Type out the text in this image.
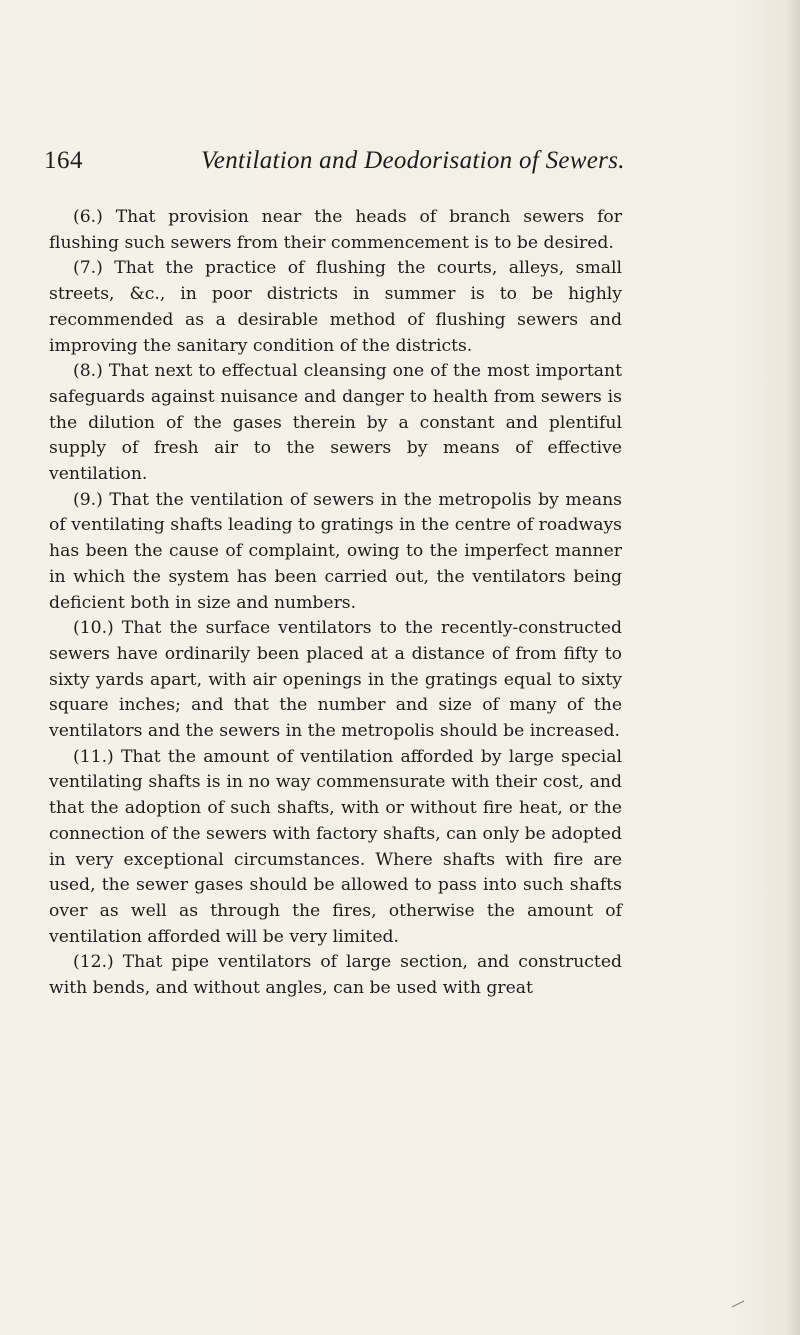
164	Ventilation and Deodorisation of Sewers.

(6.) That provision near the heads of branch sewers for flushing such sewers from their commencement is to be desired.

(7.) That the practice of flushing the courts, alleys, small streets, &c., in poor districts in summer is to be highly recommended as a desirable method of flushing sewers and improving the sanitary condition of the districts.

(8.) That next to effectual cleansing one of the most important safeguards against nuisance and danger to health from sewers is the dilution of the gases therein by a constant and plentiful supply of fresh air to the sewers by means of effective ventilation.

(9.) That the ventilation of sewers in the metropolis by means of ventilating shafts leading to gratings in the centre of roadways has been the cause of complaint, owing to the imperfect manner in which the system has been carried out, the ventilators being deficient both in size and numbers.

(10.) That the surface ventilators to the recently-constructed sewers have ordinarily been placed at a distance of from fifty to sixty yards apart, with air openings in the gratings equal to sixty square inches; and that the number and size of many of the ventilators and the sewers in the metropolis should be increased.

(11.) That the amount of ventilation afforded by large special ventilating shafts is in no way commensurate with their cost, and that the adoption of such shafts, with or without fire heat, or the connection of the sewers with factory shafts, can only be adopted in very exceptional circumstances. Where shafts with fire are used, the sewer gases should be allowed to pass into such shafts over as well as through the fires, otherwise the amount of ventilation afforded will be very limited.

(12.) That pipe ventilators of large section, and constructed with bends, and without angles, can be used with great
